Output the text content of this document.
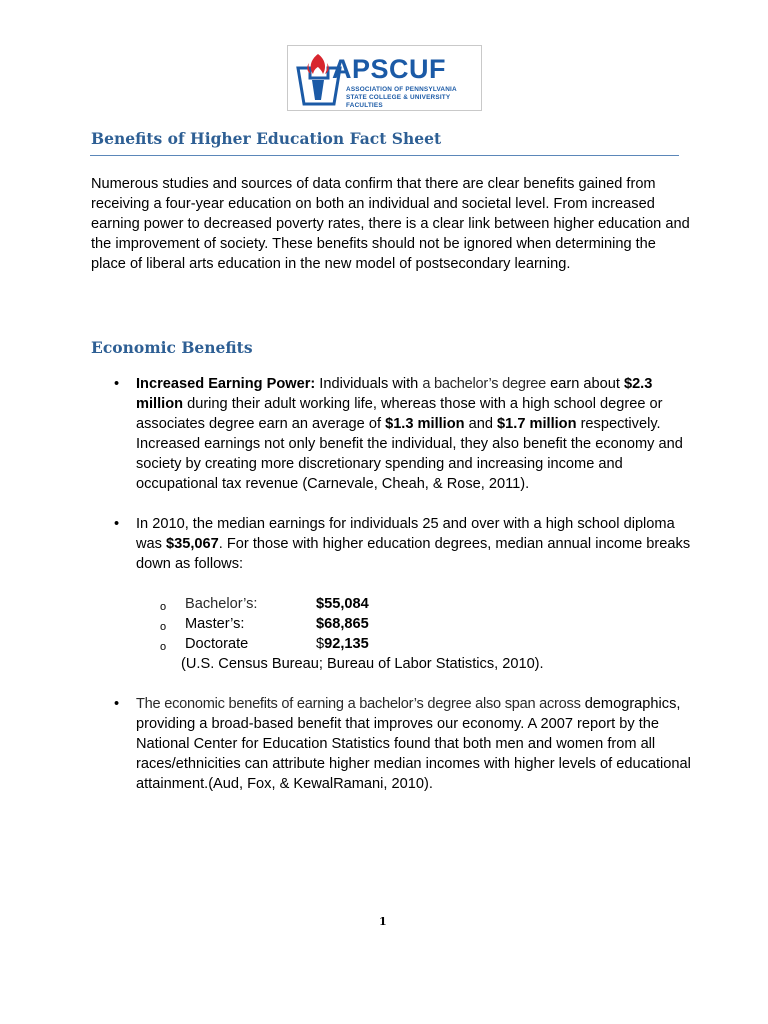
APSCUF
ASSOCIATION OF PENNSYLVANIA
STATE COLLEGE & UNIVERSITY FACULTIES
Benefits of Higher Education Fact Sheet

Numerous studies and sources of data confirm that there are clear benefits gained from receiving a four-year education on both an individual and societal level. From increased earning power to decreased poverty rates, there is a clear link between higher education and the improvement of society. These benefits should not be ignored when determining the place of liberal arts education in the new model of postsecondary learning.

Economic Benefits
• Increased Earning Power: Individuals with a bachelor’s degree earn about $2.3 million during their adult working life, whereas those with a high school degree or associates degree earn an average of $1.3 million and $1.7 million respectively. Increased earnings not only benefit the individual, they also benefit the economy and society by creating more discretionary spending and increasing income and occupational tax revenue (Carnevale, Cheah, & Rose, 2011).

• In 2010, the median earnings for individuals 25 and over with a high school diploma was $35,067. For those with higher education degrees, median annual income breaks down as follows:

o Bachelor’s:	$55,084
o Master’s:	$68,865
o Doctorate	$92,135

(U.S. Census Bureau; Bureau of Labor Statistics, 2010).

• The economic benefits of earning a bachelor’s degree also span across demographics, providing a broad-based benefit that improves our economy. A 2007 report by the National Center for Education Statistics found that both men and women from all races/ethnicities can attribute higher median incomes with higher levels of educational attainment.(Aud, Fox, & KewalRamani, 2010).

1
